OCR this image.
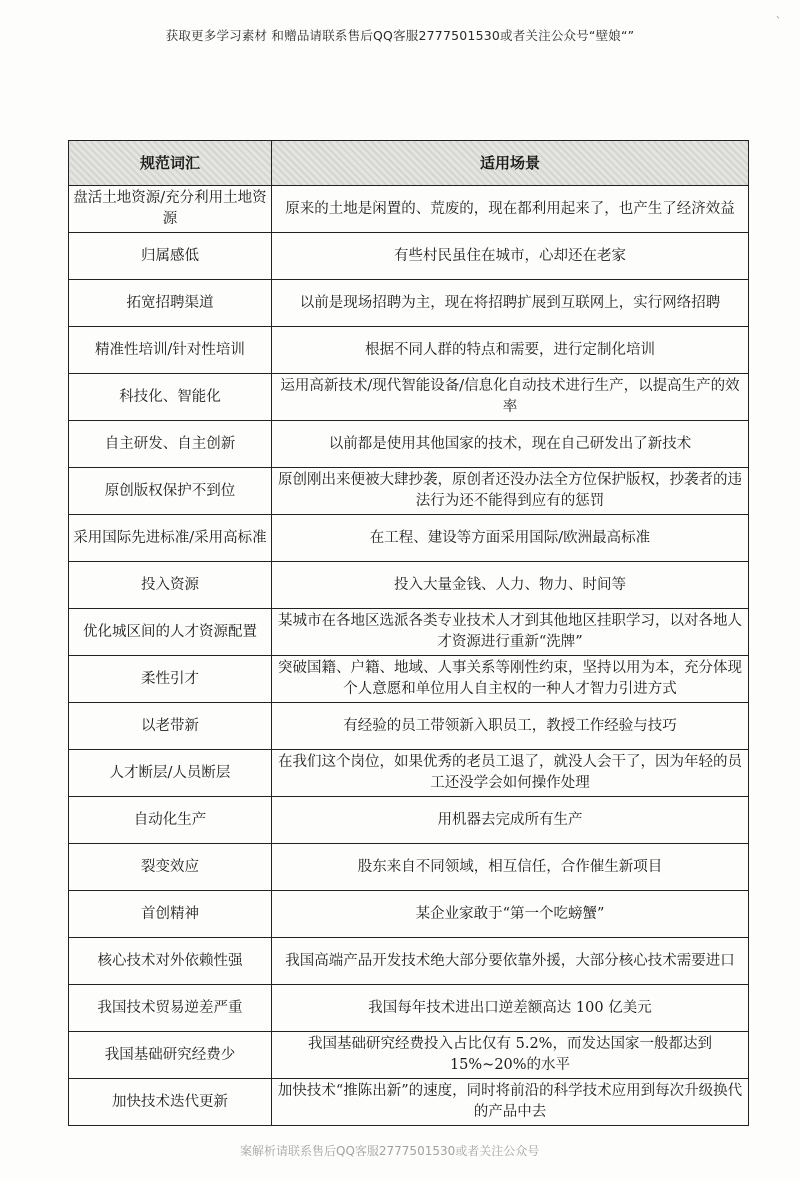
获取更多学习素材 和赠品请联系售后QQ客服2777501530或者关注公众号“壁娘“”
、
规范词汇	适用场景
盘活土地资源/充分利用土地资源	原来的土地是闲置的、荒废的，现在都利用起来了，也产生了经济效益
归属感低	有些村民虽住在城市，心却还在老家
拓宽招聘渠道	以前是现场招聘为主，现在将招聘扩展到互联网上，实行网络招聘
精准性培训/针对性培训	根据不同人群的特点和需要，进行定制化培训
科技化、智能化	运用高新技术/现代智能设备/信息化自动技术进行生产，以提高生产的效率
自主研发、自主创新	以前都是使用其他国家的技术，现在自己研发出了新技术
原创版权保护不到位	原创刚出来便被大肆抄袭，原创者还没办法全方位保护版权，抄袭者的违法行为还不能得到应有的惩罚
采用国际先进标准/采用高标准	在工程、建设等方面采用国际/欧洲最高标准
投入资源	投入大量金钱、人力、物力、时间等
优化城区间的人才资源配置	某城市在各地区选派各类专业技术人才到其他地区挂职学习，以对各地人才资源进行重新“洗牌”
柔性引才	突破国籍、户籍、地域、人事关系等刚性约束，坚持以用为本，充分体现个人意愿和单位用人自主权的一种人才智力引进方式
以老带新	有经验的员工带领新入职员工，教授工作经验与技巧
人才断层/人员断层	在我们这个岗位，如果优秀的老员工退了，就没人会干了，因为年轻的员工还没学会如何操作处理
自动化生产	用机器去完成所有生产
裂变效应	股东来自不同领域，相互信任，合作催生新项目
首创精神	某企业家敢于“第一个吃螃蟹”
核心技术对外依赖性强	我国高端产品开发技术绝大部分要依靠外援，大部分核心技术需要进口
我国技术贸易逆差严重	我国每年技术进出口逆差额高达 100 亿美元
我国基础研究经费少	我国基础研究经费投入占比仅有 5.2%，而发达国家一般都达到 15%~20%的水平
加快技术迭代更新	加快技术“推陈出新”的速度，同时将前沿的科学技术应用到每次升级换代的产品中去
案解析请联系售后QQ客服2777501530或者关注公众号
